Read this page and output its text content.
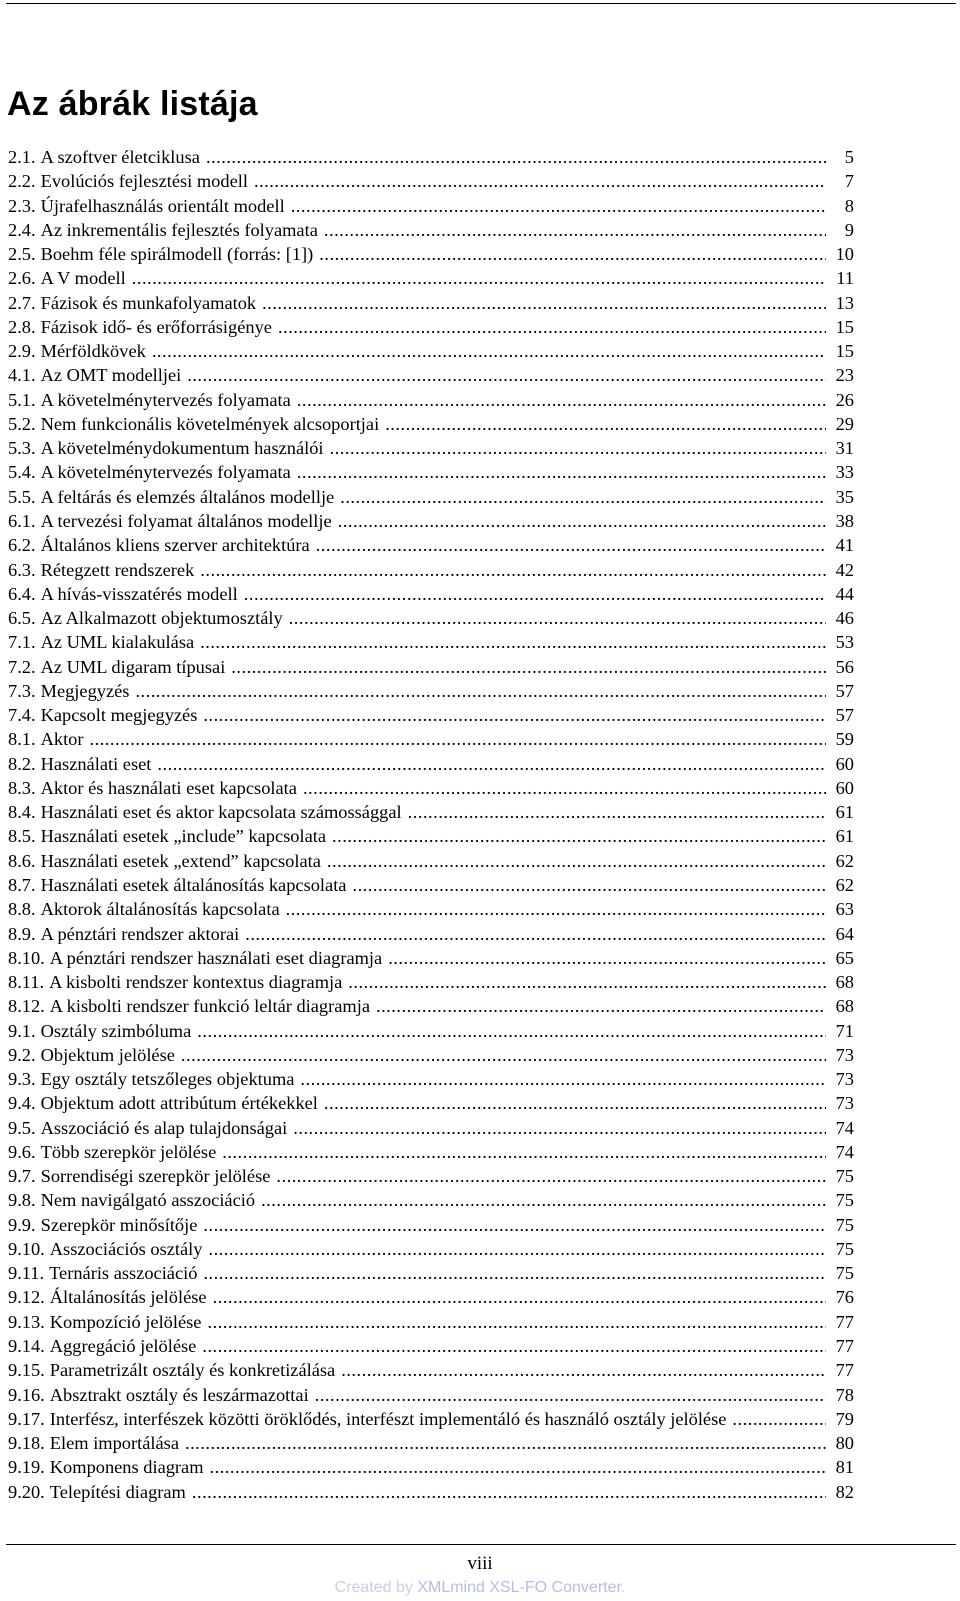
Az ábrák listája
2.1. A szoftver életciklusa .....	5
2.2. Evolúciós fejlesztési modell .....	7
2.3. Újrafelhasználás orientált modell .....	8
2.4. Az inkrementális fejlesztés folyamata .....	9
2.5. Boehm féle spirálmodell (forrás: [1]) .....	10
2.6. A V modell .....	11
2.7. Fázisok és munkafolyamatok .....	13
2.8. Fázisok idő- és erőforrásigénye .....	15
2.9. Mérföldkövek .....	15
4.1. Az OMT modelljei .....	23
5.1. A követelménytervezés folyamata .....	26
5.2. Nem funkcionális követelmények alcsoportjai .....	29
5.3. A követelménydokumentum használói .....	31
5.4. A követelménytervezés folyamata .....	33
5.5. A feltárás és elemzés általános modellje .....	35
6.1. A tervezési folyamat általános modellje .....	38
6.2. Általános kliens szerver architektúra .....	41
6.3. Rétegzett rendszerek .....	42
6.4. A hívás-visszatérés modell .....	44
6.5. Az Alkalmazott objektumosztály .....	46
7.1. Az UML kialakulása .....	53
7.2. Az UML digaram típusai .....	56
7.3. Megjegyzés .....	57
7.4. Kapcsolt megjegyzés .....	57
8.1. Aktor .....	59
8.2. Használati eset .....	60
8.3. Aktor és használati eset kapcsolata .....	60
8.4. Használati eset és aktor kapcsolata számossággal .....	61
8.5. Használati esetek „include” kapcsolata .....	61
8.6. Használati esetek „extend” kapcsolata .....	62
8.7. Használati esetek általánosítás kapcsolata .....	62
8.8. Aktorok általánosítás kapcsolata .....	63
8.9. A pénztári rendszer aktorai .....	64
8.10. A pénztári rendszer használati eset diagramja .....	65
8.11. A kisbolti rendszer kontextus diagramja .....	68
8.12. A kisbolti rendszer funkció leltár diagramja .....	68
9.1. Osztály szimbóluma .....	71
9.2. Objektum jelölése .....	73
9.3. Egy osztály tetszőleges objektuma .....	73
9.4. Objektum adott attribútum értékekkel .....	73
9.5. Asszociáció és alap tulajdonságai .....	74
9.6. Több szerepkör jelölése .....	74
9.7. Sorrendiségi szerepkör jelölése .....	75
9.8. Nem navigálgató asszociáció .....	75
9.9. Szerepkör minősítője .....	75
9.10. Asszociációs osztály .....	75
9.11. Ternáris asszociáció .....	75
9.12. Általánosítás jelölése .....	76
9.13. Kompozíció jelölése .....	77
9.14. Aggregáció jelölése .....	77
9.15. Parametrizált osztály és konkretizálása .....	77
9.16. Absztrakt osztály és leszármazottai .....	78
9.17. Interfész, interfészek közötti öröklődés, interfészt implementáló és használó osztály jelölése .....	79
9.18. Elem importálása .....	80
9.19. Komponens diagram .....	81
9.20. Telepítési diagram .....	82
viii
Created by XMLmind XSL-FO Converter.
